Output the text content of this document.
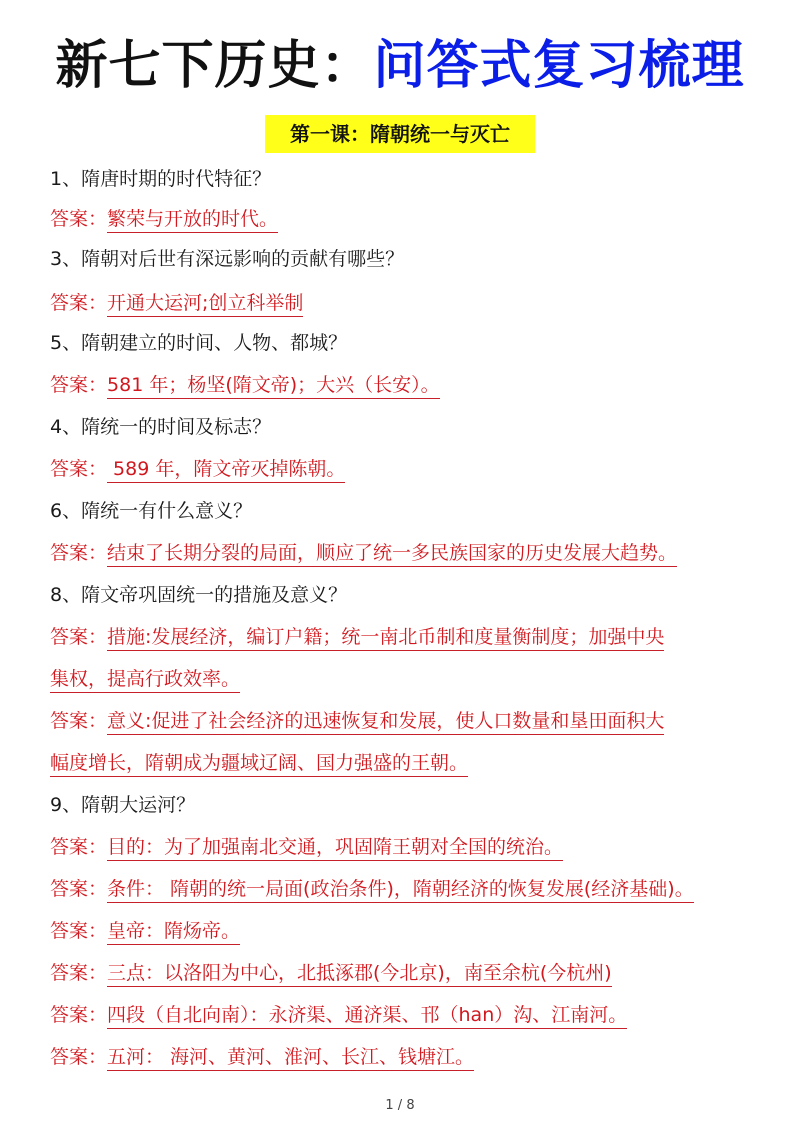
新七下历史：问答式复习梳理
第一课：隋朝统一与灭亡
1、隋唐时期的时代特征？
答案：繁荣与开放的时代。
3、隋朝对后世有深远影响的贡献有哪些？
答案：开通大运河;创立科举制
5、隋朝建立的时间、人物、都城？
答案：581 年；杨坚(隋文帝)；大兴（长安）。
4、隋统一的时间及标志？
答案： 589 年，隋文帝灭掉陈朝。
6、隋统一有什么意义？
答案：结束了长期分裂的局面，顺应了统一多民族国家的历史发展大趋势。
8、隋文帝巩固统一的措施及意义？
答案：措施:发展经济，编订户籍；统一南北币制和度量衡制度；加强中央
集权，提高行政效率。
答案：意义:促进了社会经济的迅速恢复和发展，使人口数量和垦田面积大
幅度增长，隋朝成为疆域辽阔、国力强盛的王朝。
9、隋朝大运河？
答案：目的：为了加强南北交通，巩固隋王朝对全国的统治。
答案：条件： 隋朝的统一局面(政治条件)，隋朝经济的恢复发展(经济基础)。
答案：皇帝：隋炀帝。
答案：三点：以洛阳为中心，北抵涿郡(今北京)，南至余杭(今杭州)
答案：四段（自北向南）：永济渠、通济渠、邗（han）沟、江南河。
答案：五河： 海河、黄河、淮河、长江、钱塘江。
1 / 8
